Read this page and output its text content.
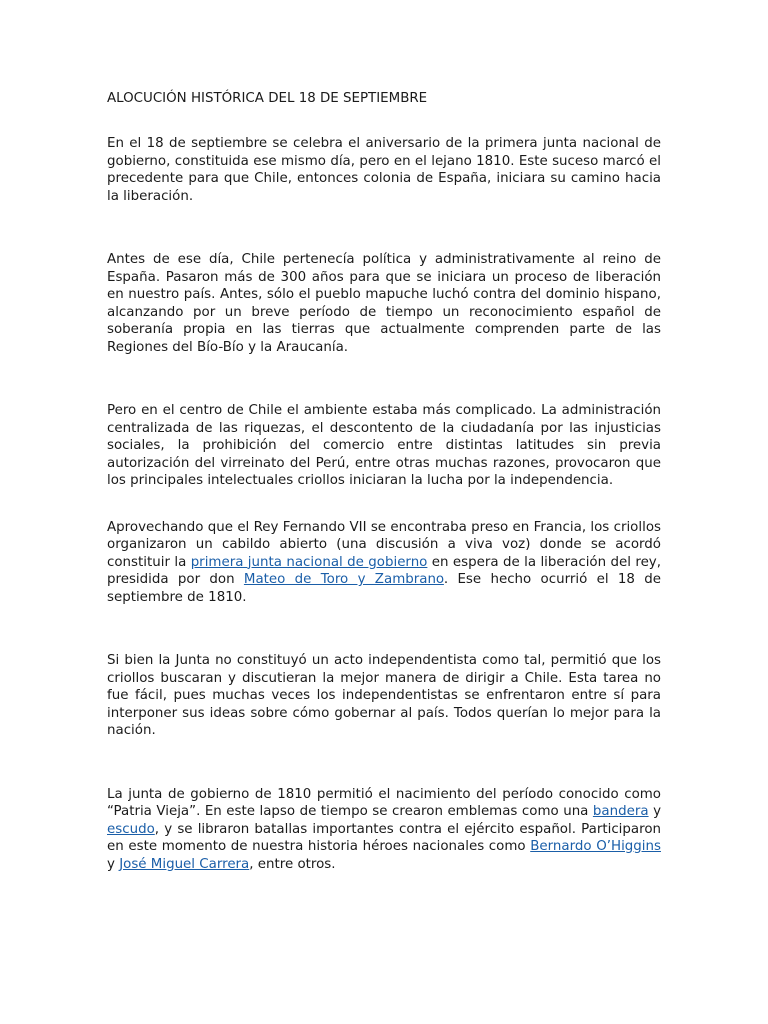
ALOCUCIÓN HISTÓRICA DEL 18 DE SEPTIEMBRE

En el 18 de septiembre se celebra el aniversario de la primera junta nacional de gobierno, constituida ese mismo día, pero en el lejano 1810. Este suceso marcó el precedente para que Chile, entonces colonia de España, iniciara su camino hacia la liberación.

Antes de ese día, Chile pertenecía política y administrativamente al reino de España. Pasaron más de 300 años para que se iniciara un proceso de liberación en nuestro país. Antes, sólo el pueblo mapuche luchó contra del dominio hispano, alcanzando por un breve período de tiempo un reconocimiento español de soberanía propia en las tierras que actualmente comprenden parte de las Regiones del Bío-Bío y la Araucanía.

Pero en el centro de Chile el ambiente estaba más complicado. La administración centralizada de las riquezas, el descontento de la ciudadanía por las injusticias sociales, la prohibición del comercio entre distintas latitudes sin previa autorización del virreinato del Perú, entre otras muchas razones, provocaron que los principales intelectuales criollos iniciaran la lucha por la independencia.

Aprovechando que el Rey Fernando VII se encontraba preso en Francia, los criollos organizaron un cabildo abierto (una discusión a viva voz) donde se acordó constituir la primera junta nacional de gobierno en espera de la liberación del rey, presidida por don Mateo de Toro y Zambrano. Ese hecho ocurrió el 18 de septiembre de 1810.

Si bien la Junta no constituyó un acto independentista como tal, permitió que los criollos buscaran y discutieran la mejor manera de dirigir a Chile. Esta tarea no fue fácil, pues muchas veces los independentistas se enfrentaron entre sí para interponer sus ideas sobre cómo gobernar al país. Todos querían lo mejor para la nación.

La junta de gobierno de 1810 permitió el nacimiento del período conocido como “Patria Vieja”. En este lapso de tiempo se crearon emblemas como una bandera y escudo, y se libraron batallas importantes contra el ejército español. Participaron en este momento de nuestra historia héroes nacionales como Bernardo O’Higgins y José Miguel Carrera, entre otros.
